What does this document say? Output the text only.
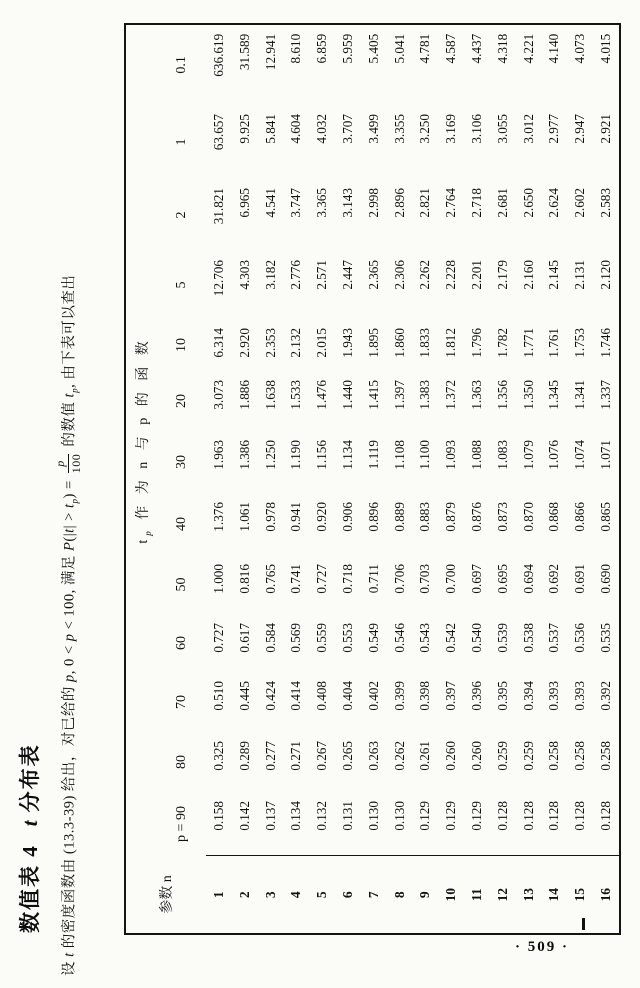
数值表 4t分布表

设 t 的密度函数由 (13.3-39) 给出，对已给的 p, 0 < p < 100, 满足 $P(|t| > t_p)$ =
p 100
的数值 $t_p$, 由下表可以查出

参数 n	$t_p$ 作 为 n 与 p 的 函 数												
	p = 90	80	70	60	50	40	30	20	10	5	2	1	0.1
1	0.158	0.325	0.510	0.727	1.000	1.376	1.963	3.073	6.314	12.706	31.821	63.657	636.619
2	0.142	0.289	0.445	0.617	0.816	1.061	1.386	1.886	2.920	4.303	6.965	9.925	31.589
3	0.137	0.277	0.424	0.584	0.765	0.978	1.250	1.638	2.353	3.182	4.541	5.841	12.941
4	0.134	0.271	0.414	0.569	0.741	0.941	1.190	1.533	2.132	2.776	3.747	4.604	8.610
5	0.132	0.267	0.408	0.559	0.727	0.920	1.156	1.476	2.015	2.571	3.365	4.032	6.859
6	0.131	0.265	0.404	0.553	0.718	0.906	1.134	1.440	1.943	2.447	3.143	3.707	5.959
7	0.130	0.263	0.402	0.549	0.711	0.896	1.119	1.415	1.895	2.365	2.998	3.499	5.405
8	0.130	0.262	0.399	0.546	0.706	0.889	1.108	1.397	1.860	2.306	2.896	3.355	5.041
9	0.129	0.261	0.398	0.543	0.703	0.883	1.100	1.383	1.833	2.262	2.821	3.250	4.781
10	0.129	0.260	0.397	0.542	0.700	0.879	1.093	1.372	1.812	2.228	2.764	3.169	4.587
11	0.129	0.260	0.396	0.540	0.697	0.876	1.088	1.363	1.796	2.201	2.718	3.106	4.437
12	0.128	0.259	0.395	0.539	0.695	0.873	1.083	1.356	1.782	2.179	2.681	3.055	4.318
13	0.128	0.259	0.394	0.538	0.694	0.870	1.079	1.350	1.771	2.160	2.650	3.012	4.221
14	0.128	0.258	0.393	0.537	0.692	0.868	1.076	1.345	1.761	2.145	2.624	2.977	4.140
15	0.128	0.258	0.393	0.536	0.691	0.866	1.074	1.341	1.753	2.131	2.602	2.947	4.073
16	0.128	0.258	0.392	0.535	0.690	0.865	1.071	1.337	1.746	2.120	2.583	2.921	4.015
· 509 ·
